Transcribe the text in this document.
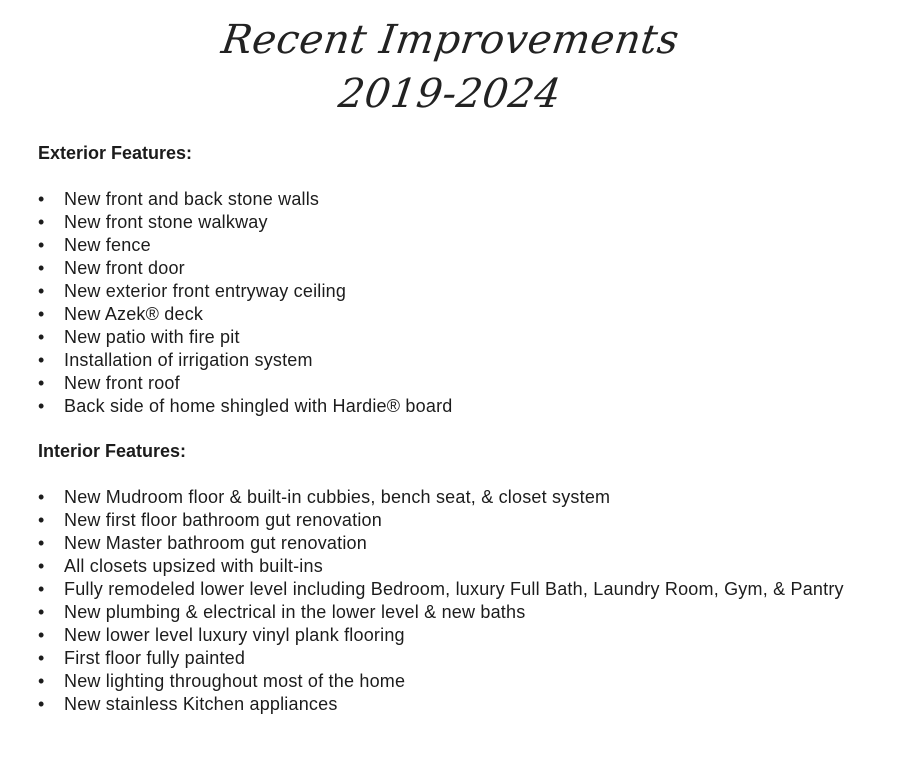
Recent Improvements
2019-2024
Exterior Features:
• New front and back stone walls
• New front stone walkway
• New fence
• New front door
• New exterior front entryway ceiling
• New Azek® deck
• New patio with fire pit
• Installation of irrigation system
• New front roof
• Back side of home shingled with Hardie® board
Interior Features:
• New Mudroom floor & built-in cubbies, bench seat, & closet system
• New first floor bathroom gut renovation
• New Master bathroom gut renovation
• All closets upsized with built-ins
• Fully remodeled lower level including Bedroom, luxury Full Bath, Laundry Room, Gym, & Pantry
• New plumbing & electrical in the lower level & new baths
• New lower level luxury vinyl plank flooring
• First floor fully painted
• New lighting throughout most of the home
• New stainless Kitchen appliances
